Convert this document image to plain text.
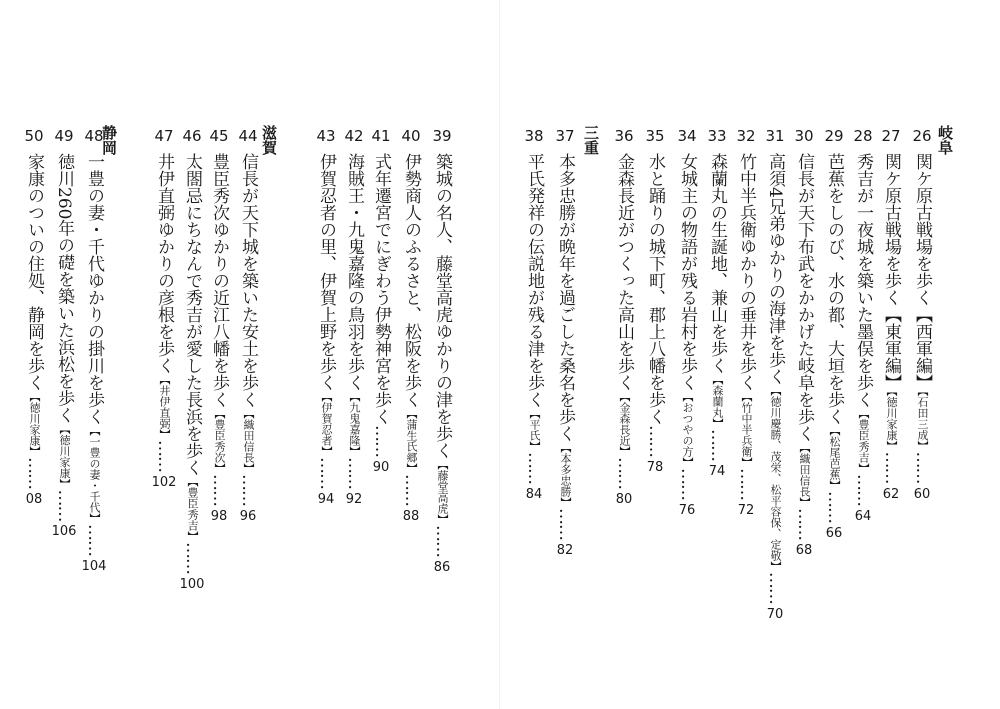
岐阜
三重
滋賀
静岡	26関ケ原古戦場を歩く【西軍編】【石田三成】……60
27関ケ原古戦場を歩く【東軍編】【徳川家康】……62
28秀吉が一夜城を築いた墨俣を歩く【豊臣秀吉】……64
29芭蕉をしのび、水の都、大垣を歩く【松尾芭蕉】……66
30信長が天下布武をかかげた岐阜を歩く【織田信長】……68
31高須4兄弟ゆかりの海津を歩く【徳川慶勝、茂栄、松平容保、定敬】……70
32竹中半兵衛ゆかりの垂井を歩く【竹中半兵衛】……72
33森蘭丸の生誕地、兼山を歩く【森蘭丸】……74
34女城主の物語が残る岩村を歩く【おつやの方】……76
35水と踊りの城下町、郡上八幡を歩く……78
36金森長近がつくった高山を歩く【金森長近】……80
37本多忠勝が晩年を過ごした桑名を歩く【本多忠勝】……82
38平氏発祥の伝説地が残る津を歩く【平氏】……84
39築城の名人、藤堂高虎ゆかりの津を歩く【藤堂高虎】……86
40伊勢商人のふるさと、松阪を歩く【蒲生氏郷】……88
41式年遷宮でにぎわう伊勢神宮を歩く……90
42海賊王・九鬼嘉隆の鳥羽を歩く【九鬼嘉隆】……92
43伊賀忍者の里、伊賀上野を歩く【伊賀忍者】……94
44信長が天下城を築いた安土を歩く【織田信長】……96
45豊臣秀次ゆかりの近江八幡を歩く【豊臣秀次】……98
46太閤忌にちなんで秀吉が愛した長浜を歩く【豊臣秀吉】……100
47井伊直弼ゆかりの彦根を歩く【井伊直弼】……102
48一豊の妻・千代ゆかりの掛川を歩く【一豊の妻・千代】……104
49徳川260年の礎を築いた浜松を歩く【徳川家康】……106
50家康のついの住処、静岡を歩く【徳川家康】……08
